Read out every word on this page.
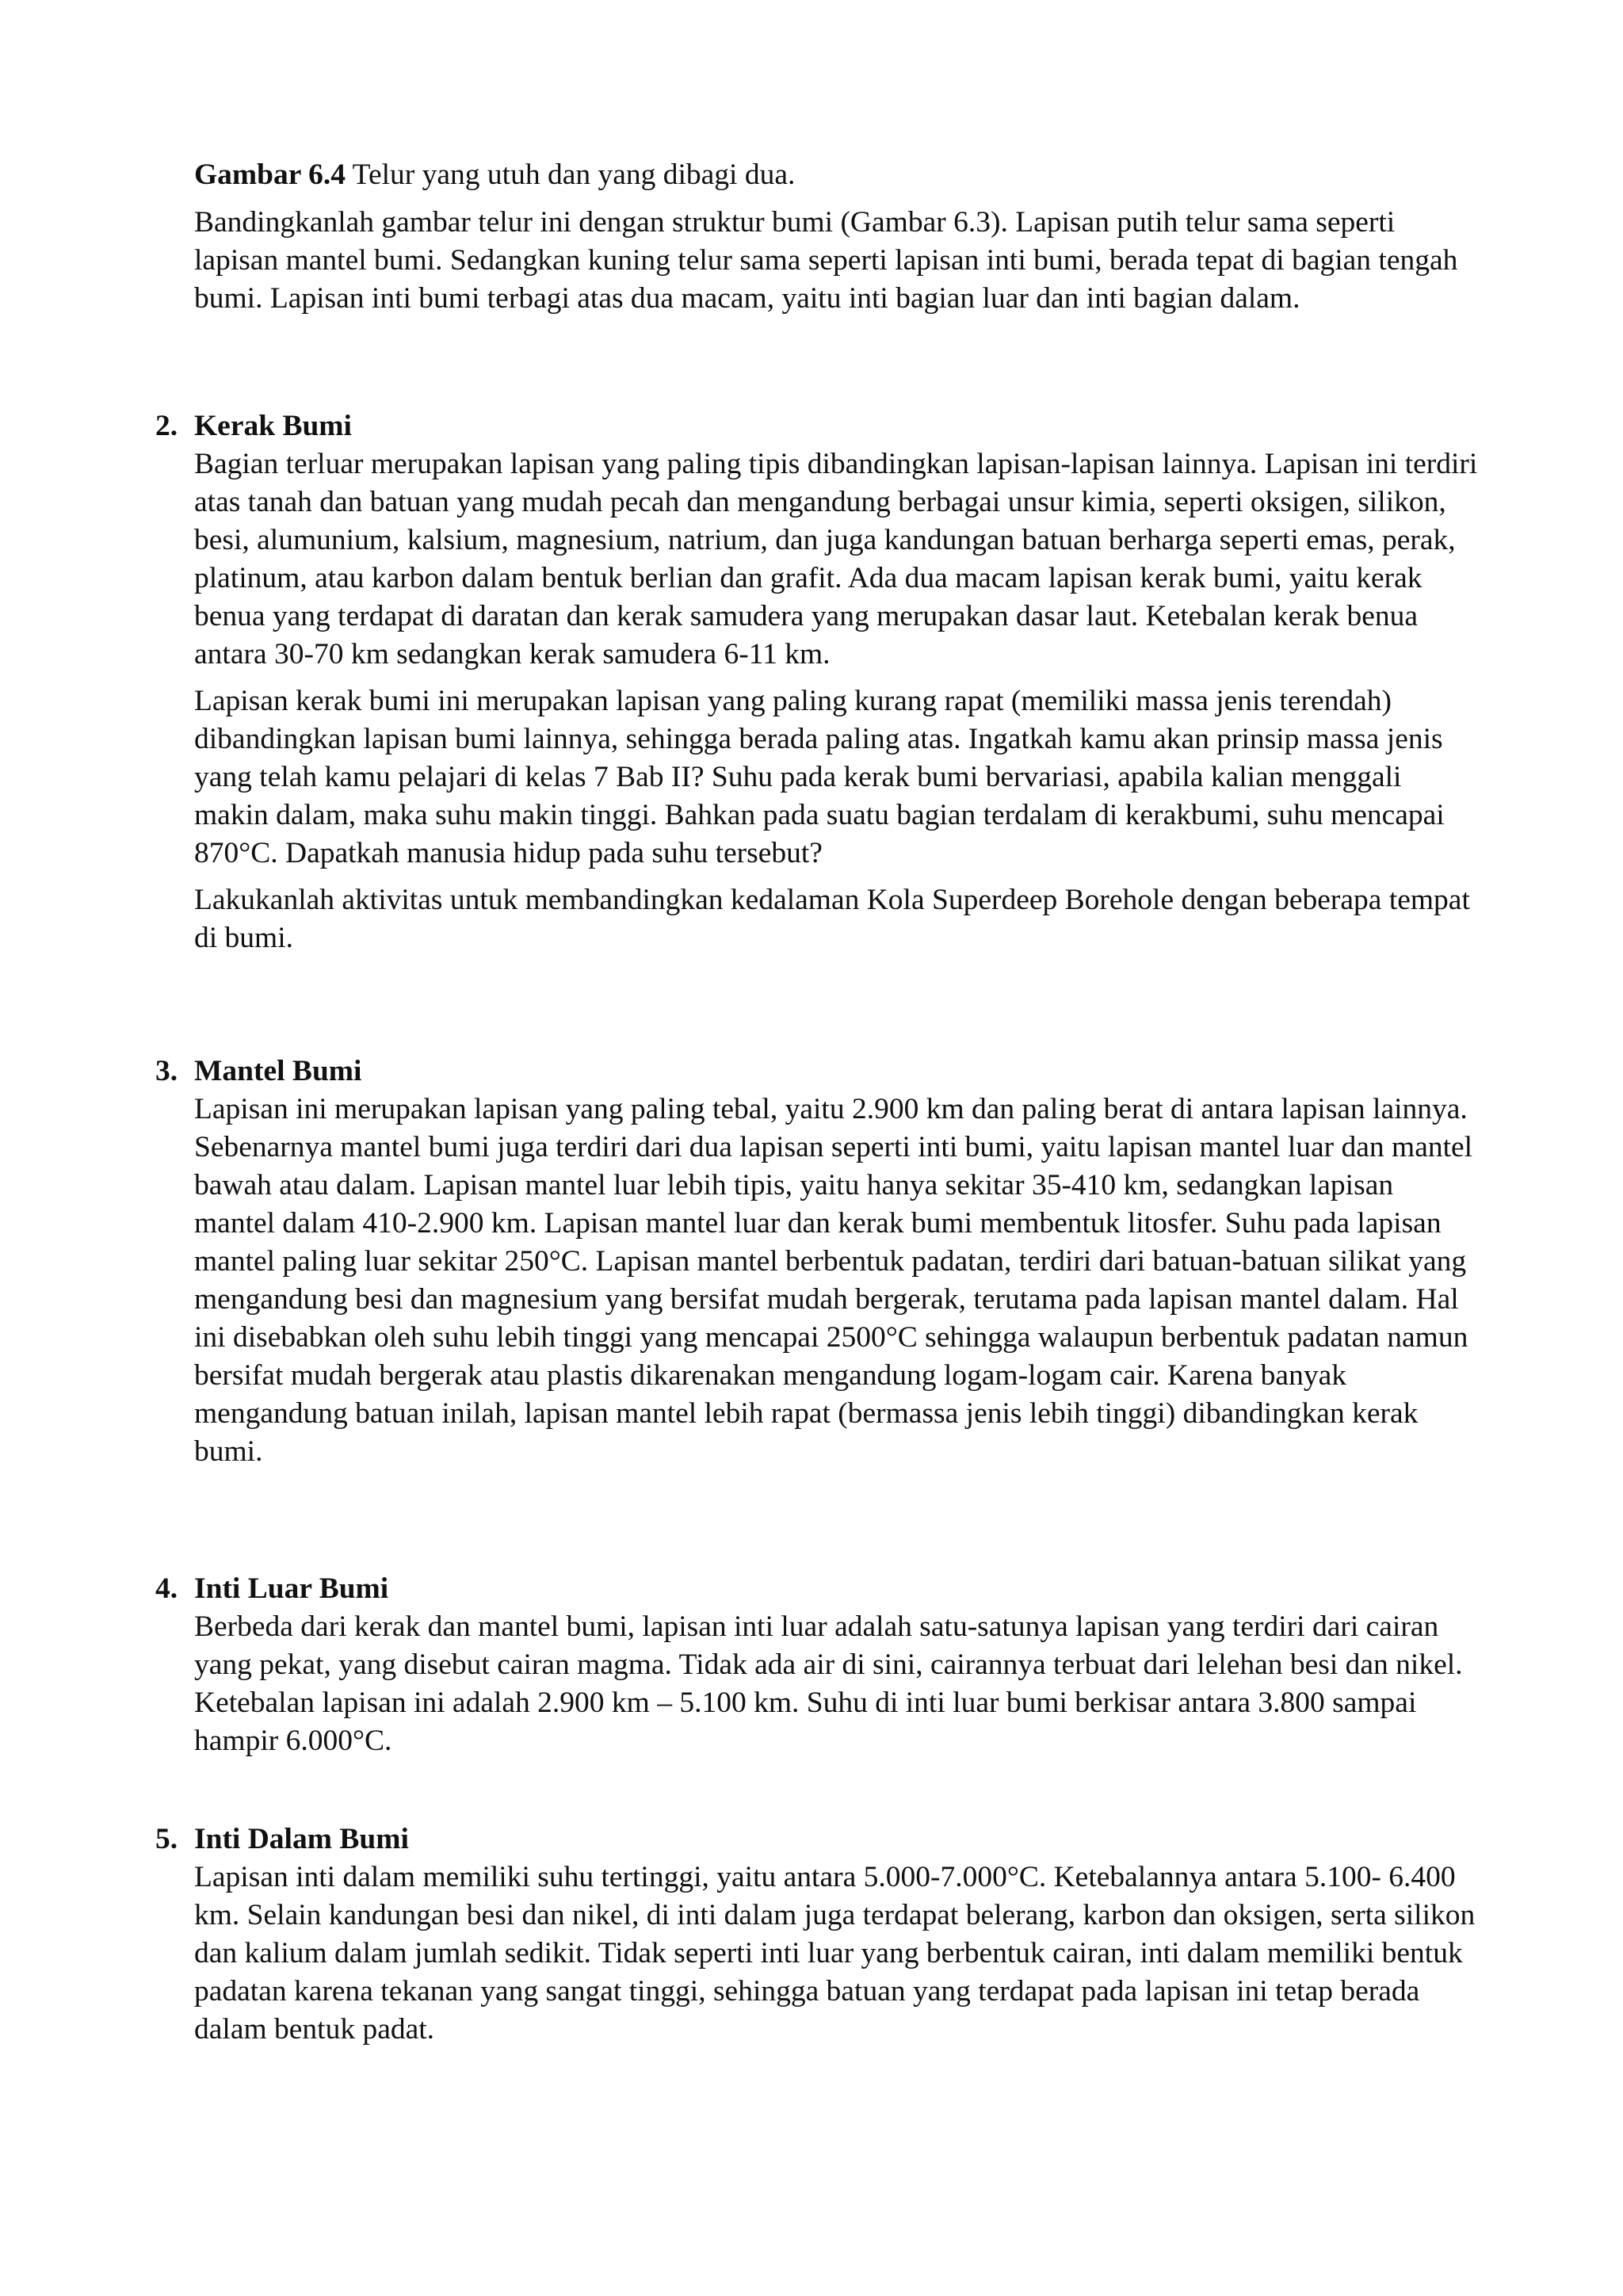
Gambar 6.4 Telur yang utuh dan yang dibagi dua.

Bandingkanlah gambar telur ini dengan struktur bumi (Gambar 6.3). Lapisan putih telur sama seperti lapisan mantel bumi. Sedangkan kuning telur sama seperti lapisan inti bumi, berada tepat di bagian tengah bumi. Lapisan inti bumi terbagi atas dua macam, yaitu inti bagian luar dan inti bagian dalam.

2. Kerak Bumi

Bagian terluar merupakan lapisan yang paling tipis dibandingkan lapisan-lapisan lainnya. Lapisan ini terdiri atas tanah dan batuan yang mudah pecah dan mengandung berbagai unsur kimia, seperti oksigen, silikon, besi, alumunium, kalsium, magnesium, natrium, dan juga kandungan batuan berharga seperti emas, perak, platinum, atau karbon dalam bentuk berlian dan grafit. Ada dua macam lapisan kerak bumi, yaitu kerak benua yang terdapat di daratan dan kerak samudera yang merupakan dasar laut. Ketebalan kerak benua antara 30-70 km sedangkan kerak samudera 6-11 km.

Lapisan kerak bumi ini merupakan lapisan yang paling kurang rapat (memiliki massa jenis terendah) dibandingkan lapisan bumi lainnya, sehingga berada paling atas. Ingatkah kamu akan prinsip massa jenis yang telah kamu pelajari di kelas 7 Bab II? Suhu pada kerak bumi bervariasi, apabila kalian menggali makin dalam, maka suhu makin tinggi. Bahkan pada suatu bagian terdalam di kerakbumi, suhu mencapai 870°C. Dapatkah manusia hidup pada suhu tersebut?

Lakukanlah aktivitas untuk membandingkan kedalaman Kola Superdeep Borehole dengan beberapa tempat di bumi.

3. Mantel Bumi

Lapisan ini merupakan lapisan yang paling tebal, yaitu 2.900 km dan paling berat di antara lapisan lainnya. Sebenarnya mantel bumi juga terdiri dari dua lapisan seperti inti bumi, yaitu lapisan mantel luar dan mantel bawah atau dalam. Lapisan mantel luar lebih tipis, yaitu hanya sekitar 35-410 km, sedangkan lapisan mantel dalam 410-2.900 km. Lapisan mantel luar dan kerak bumi membentuk litosfer. Suhu pada lapisan mantel paling luar sekitar 250°C. Lapisan mantel berbentuk padatan, terdiri dari batuan-batuan silikat yang mengandung besi dan magnesium yang bersifat mudah bergerak, terutama pada lapisan mantel dalam. Hal ini disebabkan oleh suhu lebih tinggi yang mencapai 2500°C sehingga walaupun berbentuk padatan namun bersifat mudah bergerak atau plastis dikarenakan mengandung logam-logam cair. Karena banyak mengandung batuan inilah, lapisan mantel lebih rapat (bermassa jenis lebih tinggi) dibandingkan kerak bumi.

4. Inti Luar Bumi

Berbeda dari kerak dan mantel bumi, lapisan inti luar adalah satu-satunya lapisan yang terdiri dari cairan yang pekat, yang disebut cairan magma. Tidak ada air di sini, cairannya terbuat dari lelehan besi dan nikel. Ketebalan lapisan ini adalah 2.900 km – 5.100 km. Suhu di inti luar bumi berkisar antara 3.800 sampai hampir 6.000°C.

5. Inti Dalam Bumi

Lapisan inti dalam memiliki suhu tertinggi, yaitu antara 5.000-7.000°C. Ketebalannya antara 5.100- 6.400 km. Selain kandungan besi dan nikel, di inti dalam juga terdapat belerang, karbon dan oksigen, serta silikon dan kalium dalam jumlah sedikit. Tidak seperti inti luar yang berbentuk cairan, inti dalam memiliki bentuk padatan karena tekanan yang sangat tinggi, sehingga batuan yang terdapat pada lapisan ini tetap berada dalam bentuk padat.
